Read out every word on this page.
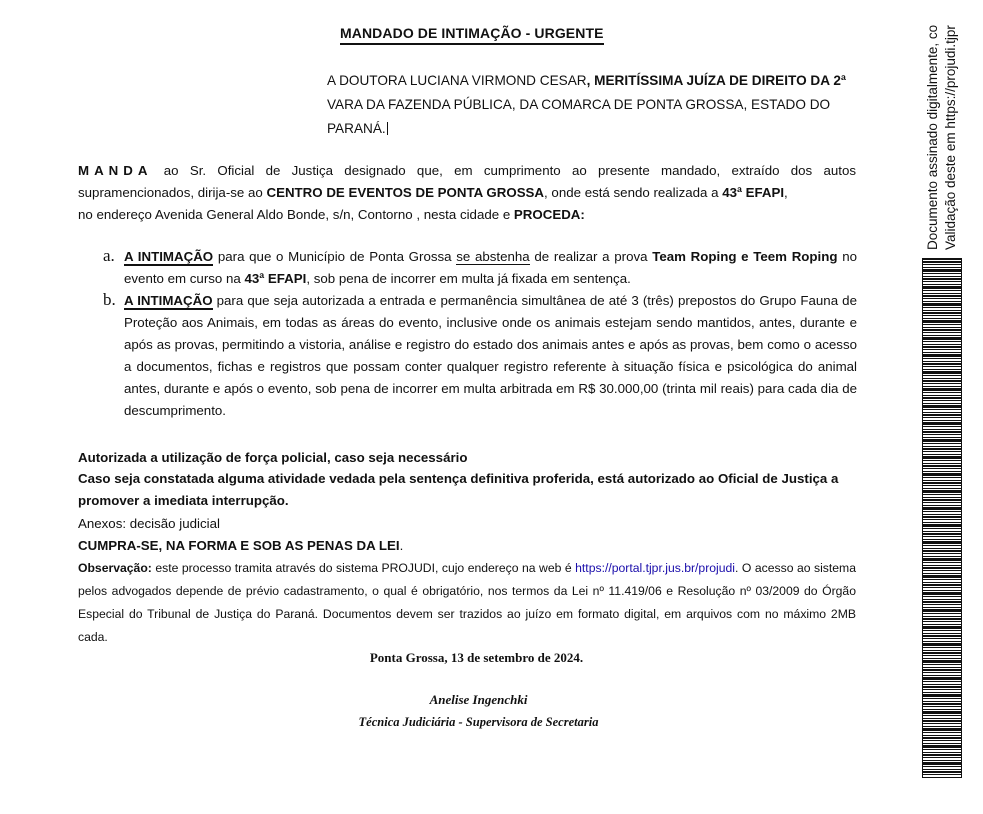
MANDADO DE INTIMAÇÃO - URGENTE
A DOUTORA LUCIANA VIRMOND CESAR, MERITÍSSIMA JUÍZA DE DIREITO DA 2ª
VARA DA FAZENDA PÚBLICA, DA COMARCA DE PONTA GROSSA, ESTADO DO
PARANÁ.
MANDA ao Sr. Oficial de Justiça designado que, em cumprimento ao presente mandado, extraído dos autos supramencionados, dirija-se ao CENTRO DE EVENTOS DE PONTA GROSSA, onde está sendo realizada a 43ª EFAPI,
no endereço Avenida General Aldo Bonde, s/n, Contorno , nesta cidade e PROCEDA:
a. A INTIMAÇÃO para que o Município de Ponta Grossa se abstenha de realizar a prova Team Roping e Teem Roping no evento em curso na 43ª EFAPI, sob pena de incorrer em multa já fixada em sentença.
b. A INTIMAÇÃO para que seja autorizada a entrada e permanência simultânea de até 3 (três) prepostos do Grupo Fauna de Proteção aos Animais, em todas as áreas do evento, inclusive onde os animais estejam sendo mantidos, antes, durante e após as provas, permitindo a vistoria, análise e registro do estado dos animais antes e após as provas, bem como o acesso a documentos, fichas e registros que possam conter qualquer registro referente à situação física e psicológica do animal antes, durante e após o evento, sob pena de incorrer em multa arbitrada em R$ 30.000,00 (trinta mil reais) para cada dia de descumprimento.
Autorizada a utilização de força policial, caso seja necessário
Caso seja constatada alguma atividade vedada pela sentença definitiva proferida, está autorizado ao Oficial de Justiça a promover a imediata interrupção.
Anexos: decisão judicial
CUMPRA-SE, NA FORMA E SOB AS PENAS DA LEI.
Observação: este processo tramita através do sistema PROJUDI, cujo endereço na web é https://portal.tjpr.jus.br/projudi. O acesso ao sistema pelos advogados depende de prévio cadastramento, o qual é obrigatório, nos termos da Lei nº 11.419/06 e Resolução nº 03/2009 do Órgão Especial do Tribunal de Justiça do Paraná. Documentos devem ser trazidos ao juízo em formato digital, em arquivos com no máximo 2MB cada.
Ponta Grossa, 13 de setembro de 2024.
Anelise Ingenchki
Técnica Judiciária - Supervisora de Secretaria
Documento assinado digitalmente, co Validação deste em https://projudi.tjpr
